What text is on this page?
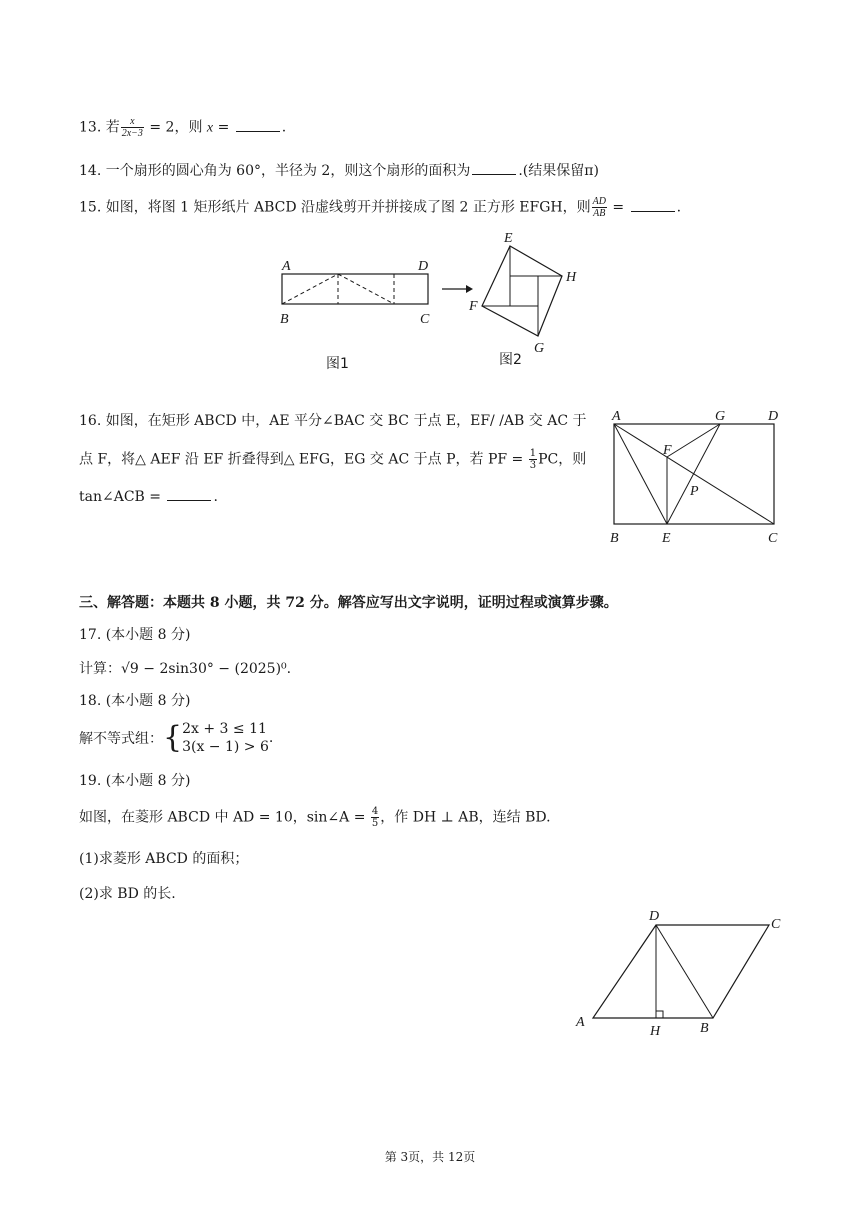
13. 若 $\frac{x}{2x-3} = 2$，则 x =	.
14. 一个扇形的圆心角为 60°，半径为 2，则这个扇形的面积为	.(结果保留π)
15. 如图，将图 1 矩形纸片 ABCD 沿虚线剪开并拼接成了图 2 正方形 EFGH，则 $\frac{AD}{AB}$ =	.
A	D
B	C
E
H
F
G
图1	图2
16. 如图，在矩形 ABCD 中，AE 平分∠BAC 交 BC 于点 E，EF/ /AB 交 AC 于
点 F，将△ AEF 沿 EF 折叠得到△ EFG，EG 交 AC 于点 P，若 PF = $\frac{1}{3}$ PC，则
tan∠ACB =	.
A	G	D
F
P
B	E	C
三、解答题：本题共 8 小题，共 72 分。解答应写出文字说明，证明过程或演算步骤。
17. (本小题 8 分)
计算：√9 − 2sin30° − (2025)⁰.
18. (本小题 8 分)
解不等式组：{ 2x + 3 ≤ 11
3(x − 1) > 6
.
19. (本小题 8 分)
如图，在菱形 ABCD 中 AD = 10，sin∠A = $\frac{4}{5}$ ，作 DH ⊥ AB，连结 BD.
(1)求菱形 ABCD 的面积；
(2)求 BD 的长.
D
C
A
H	B
第 3页，共 12页
